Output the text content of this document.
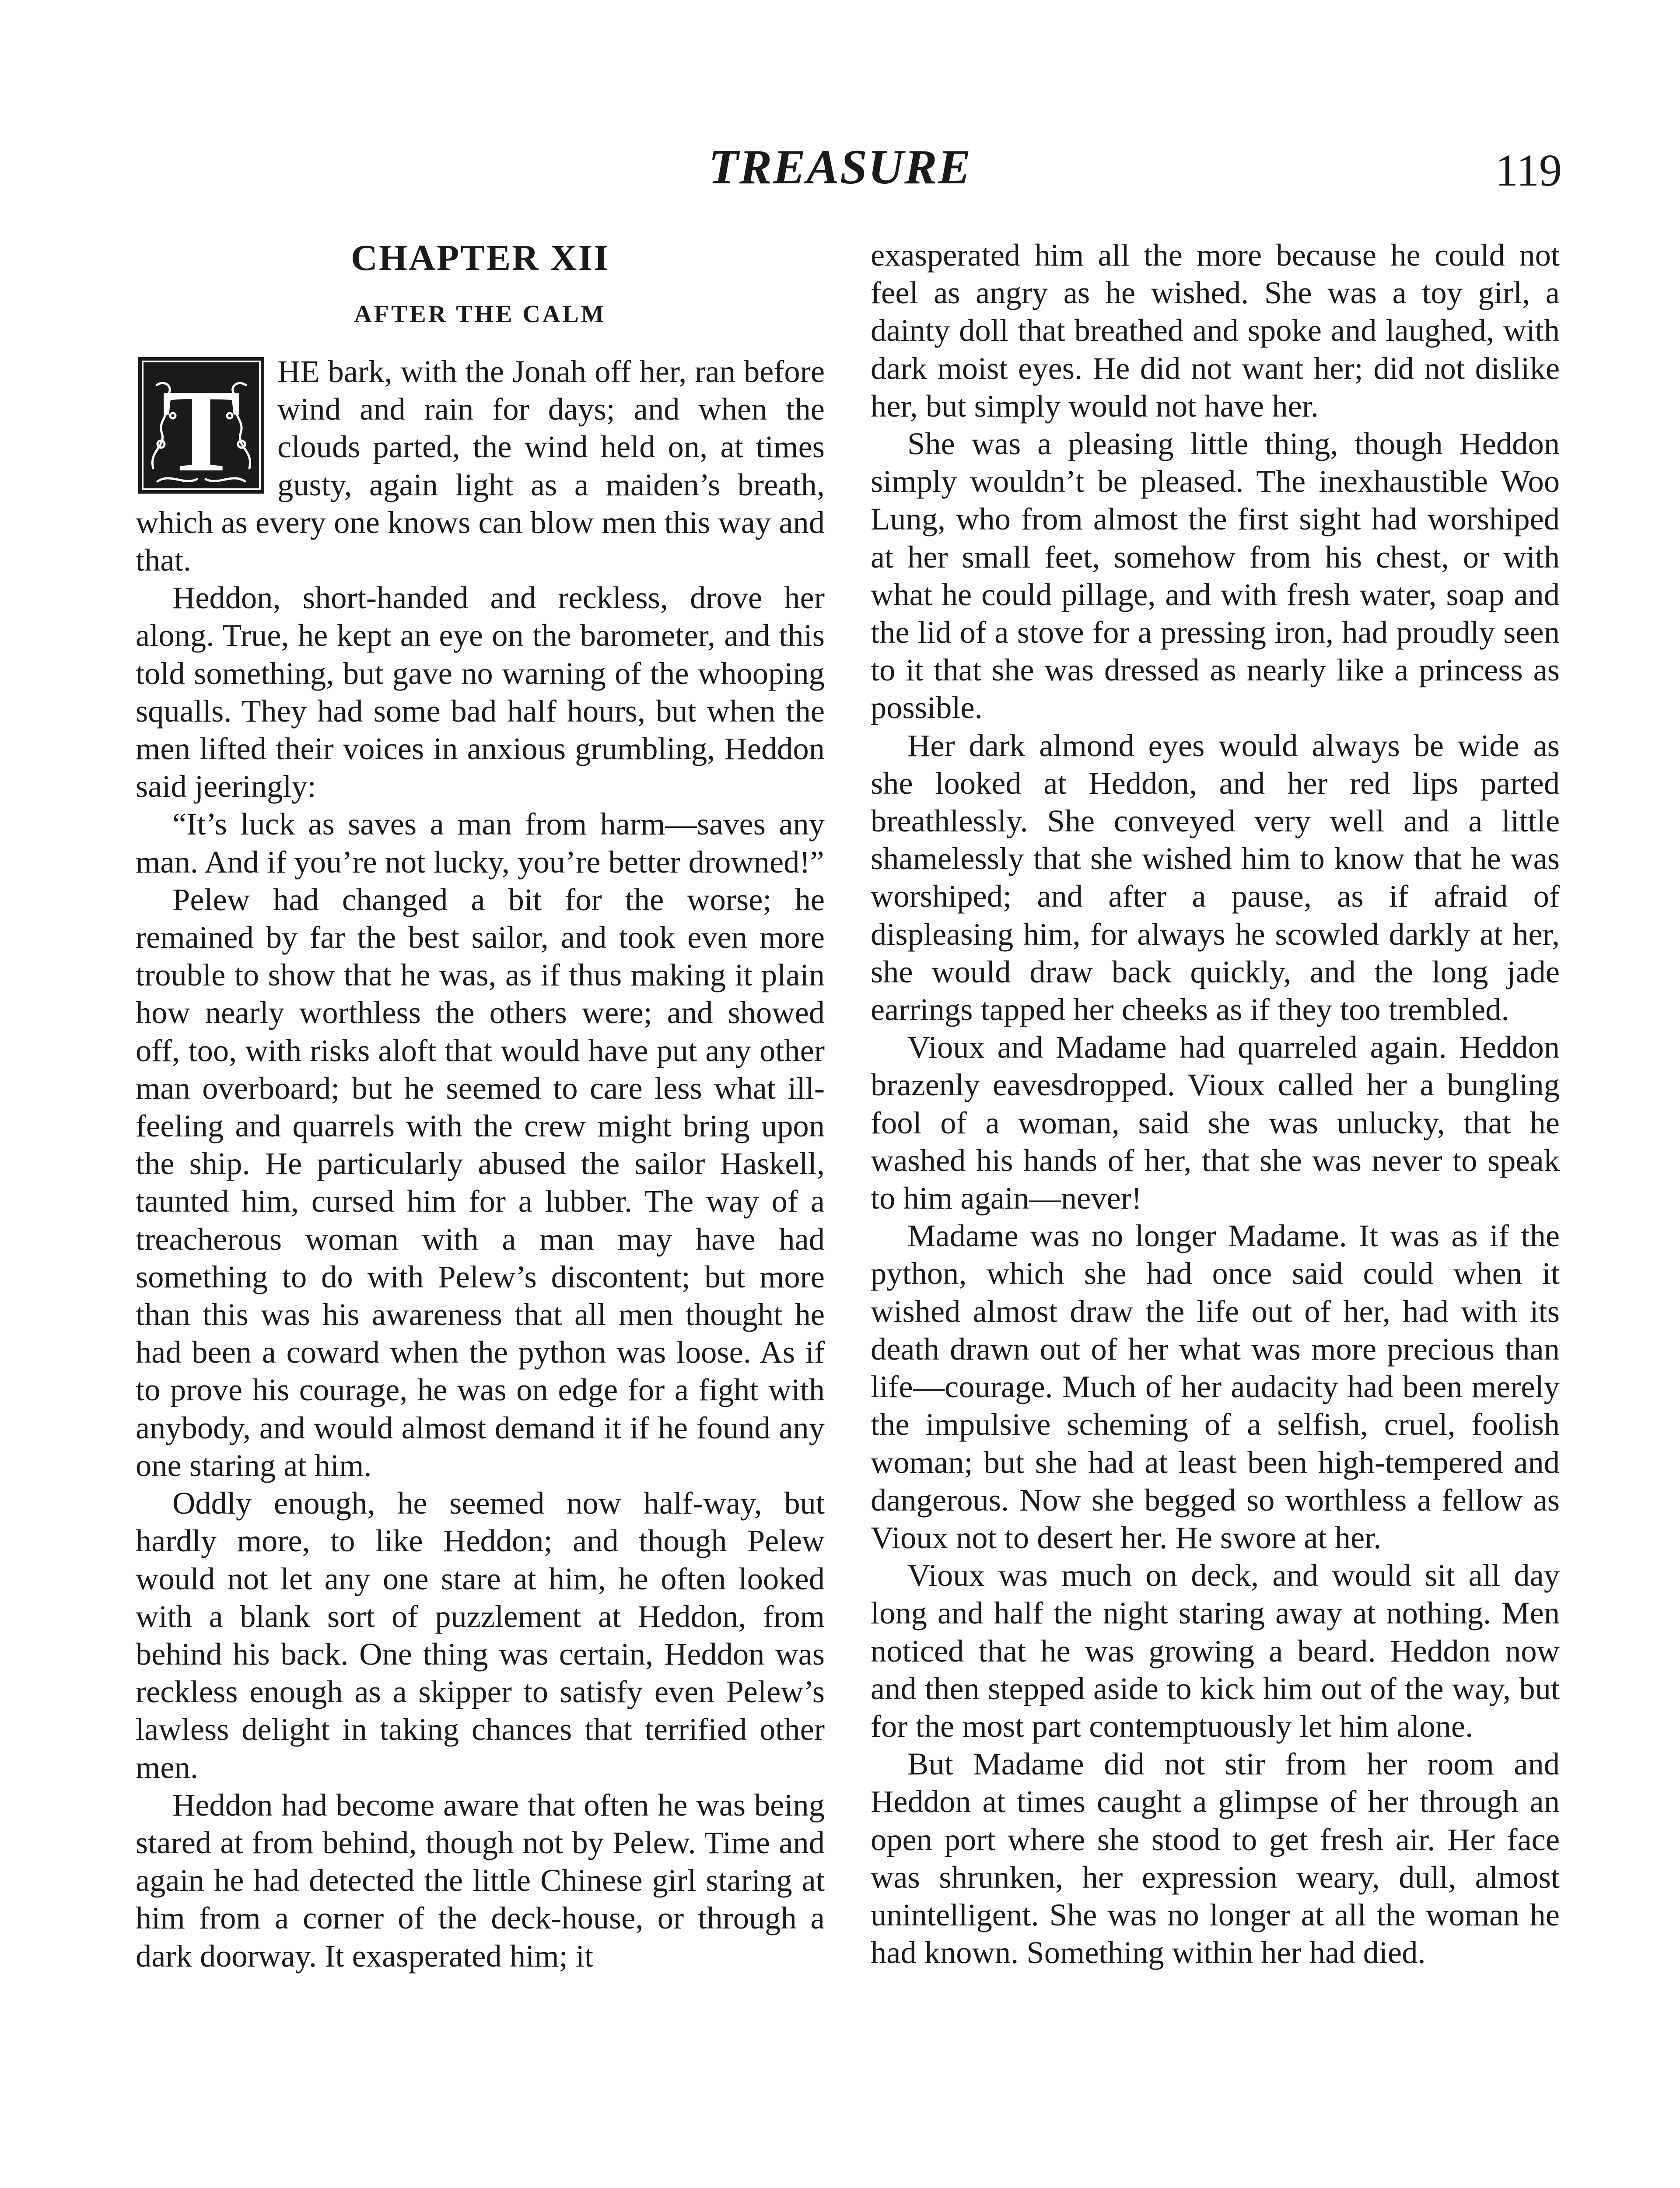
TREASURE	119
CHAPTER XII
AFTER THE CALM
T	HE bark, with the Jonah off her, ran before wind and rain for days; and when the clouds parted, the wind held on, at times gusty, again light as a maiden’s breath, which as every one knows can blow men this way and that.

Heddon, short-handed and reckless, drove her along. True, he kept an eye on the barometer, and this told something, but gave no warning of the whooping squalls. They had some bad half hours, but when the men lifted their voices in anxious grumbling, Heddon said jeeringly:

“It’s luck as saves a man from harm—saves any man. And if you’re not lucky, you’re better drowned!”

Pelew had changed a bit for the worse; he remained by far the best sailor, and took even more trouble to show that he was, as if thus making it plain how nearly worthless the others were; and showed off, too, with risks aloft that would have put any other man overboard; but he seemed to care less what ill-feeling and quarrels with the crew might bring upon the ship. He particularly abused the sailor Haskell, taunted him, cursed him for a lubber. The way of a treacherous woman with a man may have had something to do with Pelew’s discontent; but more than this was his awareness that all men thought he had been a coward when the python was loose. As if to prove his courage, he was on edge for a fight with anybody, and would almost demand it if he found any one staring at him.

Oddly enough, he seemed now half-way, but hardly more, to like Heddon; and though Pelew would not let any one stare at him, he often looked with a blank sort of puzzlement at Heddon, from behind his back. One thing was certain, Heddon was reckless enough as a skipper to satisfy even Pelew’s lawless delight in taking chances that terrified other men.

Heddon had become aware that often he was being stared at from behind, though not by Pelew. Time and again he had detected the little Chinese girl staring at him from a corner of the deck-house, or through a dark doorway. It exasperated him; it

exasperated him all the more because he could not feel as angry as he wished. She was a toy girl, a dainty doll that breathed and spoke and laughed, with dark moist eyes. He did not want her; did not dislike her, but simply would not have her.

She was a pleasing little thing, though Heddon simply wouldn’t be pleased. The inexhaustible Woo Lung, who from almost the first sight had worshiped at her small feet, somehow from his chest, or with what he could pillage, and with fresh water, soap and the lid of a stove for a pressing iron, had proudly seen to it that she was dressed as nearly like a princess as possible.

Her dark almond eyes would always be wide as she looked at Heddon, and her red lips parted breathlessly. She conveyed very well and a little shamelessly that she wished him to know that he was worshiped; and after a pause, as if afraid of displeasing him, for always he scowled darkly at her, she would draw back quickly, and the long jade earrings tapped her cheeks as if they too trembled.

Vioux and Madame had quarreled again. Heddon brazenly eavesdropped. Vioux called her a bungling fool of a woman, said she was unlucky, that he washed his hands of her, that she was never to speak to him again—never!

Madame was no longer Madame. It was as if the python, which she had once said could when it wished almost draw the life out of her, had with its death drawn out of her what was more precious than life—courage. Much of her audacity had been merely the impulsive scheming of a selfish, cruel, foolish woman; but she had at least been high-tempered and dangerous. Now she begged so worthless a fellow as Vioux not to desert her. He swore at her.

Vioux was much on deck, and would sit all day long and half the night staring away at nothing. Men noticed that he was growing a beard. Heddon now and then stepped aside to kick him out of the way, but for the most part contemptuously let him alone.

But Madame did not stir from her room and Heddon at times caught a glimpse of her through an open port where she stood to get fresh air. Her face was shrunken, her expression weary, dull, almost unintelligent. She was no longer at all the woman he had known. Something within her had died.
